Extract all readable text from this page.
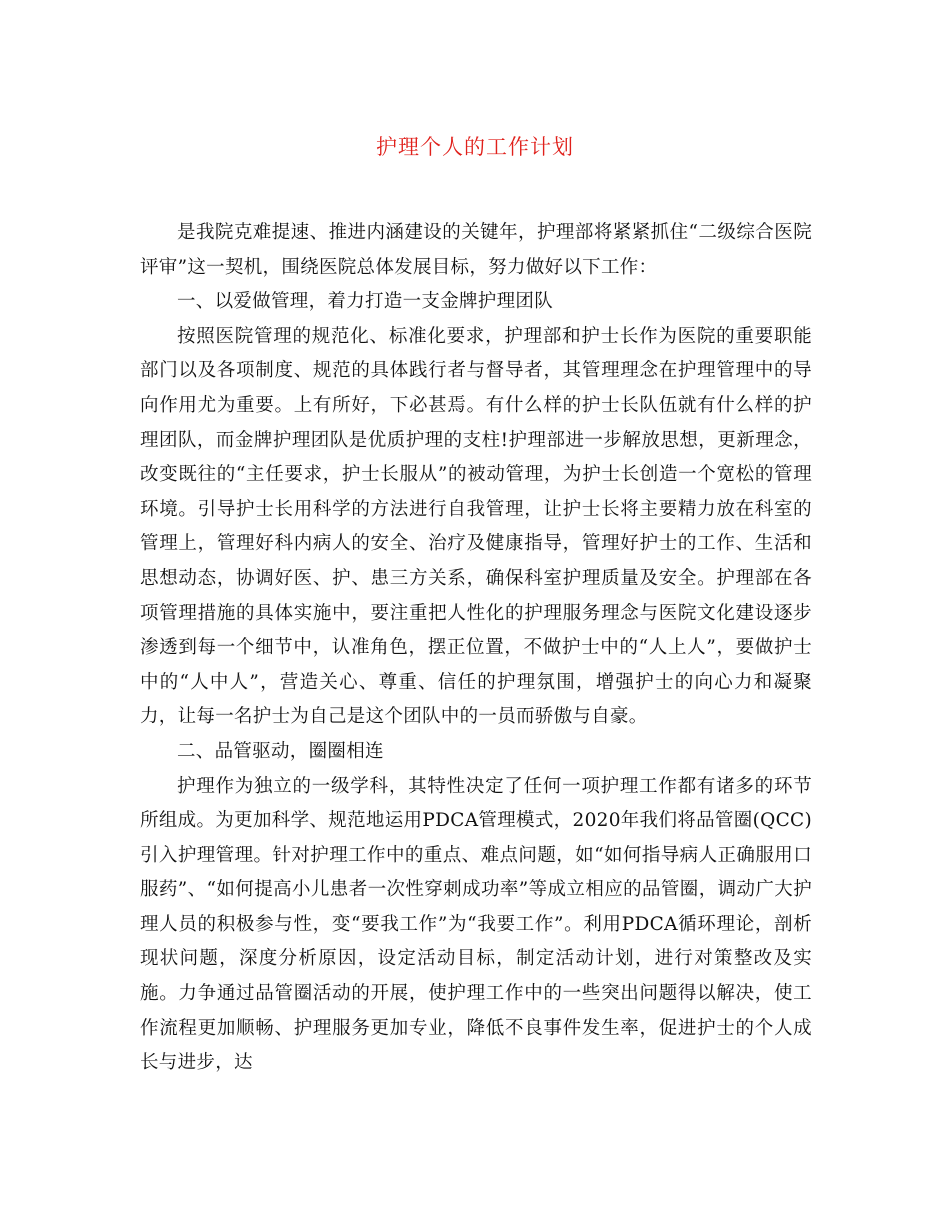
护理个人的工作计划

是我院克难提速、推进内涵建设的关键年，护理部将紧紧抓住“二级综合医院评审”这一契机，围绕医院总体发展目标，努力做好以下工作：

一、以爱做管理，着力打造一支金牌护理团队

按照医院管理的规范化、标准化要求，护理部和护士长作为医院的重要职能部门以及各项制度、规范的具体践行者与督导者，其管理理念在护理管理中的导向作用尤为重要。上有所好，下必甚焉。有什么样的护士长队伍就有什么样的护理团队，而金牌护理团队是优质护理的支柱!护理部进一步解放思想，更新理念，改变既往的“主任要求，护士长服从”的被动管理，为护士长创造一个宽松的管理环境。引导护士长用科学的方法进行自我管理，让护士长将主要精力放在科室的管理上，管理好科内病人的安全、治疗及健康指导，管理好护士的工作、生活和思想动态，协调好医、护、患三方关系，确保科室护理质量及安全。护理部在各项管理措施的具体实施中，要注重把人性化的护理服务理念与医院文化建设逐步渗透到每一个细节中，认准角色，摆正位置，不做护士中的“人上人”，要做护士中的“人中人”，营造关心、尊重、信任的护理氛围，增强护士的向心力和凝聚力，让每一名护士为自己是这个团队中的一员而骄傲与自豪。

二、品管驱动，圈圈相连

护理作为独立的一级学科，其特性决定了任何一项护理工作都有诸多的环节所组成。为更加科学、规范地运用PDCA管理模式，2020年我们将品管圈(QCC)引入护理管理。针对护理工作中的重点、难点问题，如“如何指导病人正确服用口服药”、“如何提高小儿患者一次性穿刺成功率”等成立相应的品管圈，调动广大护理人员的积极参与性，变“要我工作”为“我要工作”。利用PDCA循环理论，剖析现状问题，深度分析原因，设定活动目标，制定活动计划，进行对策整改及实施。力争通过品管圈活动的开展，使护理工作中的一些突出问题得以解决，使工作流程更加顺畅、护理服务更加专业，降低不良事件发生率，促进护士的个人成长与进步，达
